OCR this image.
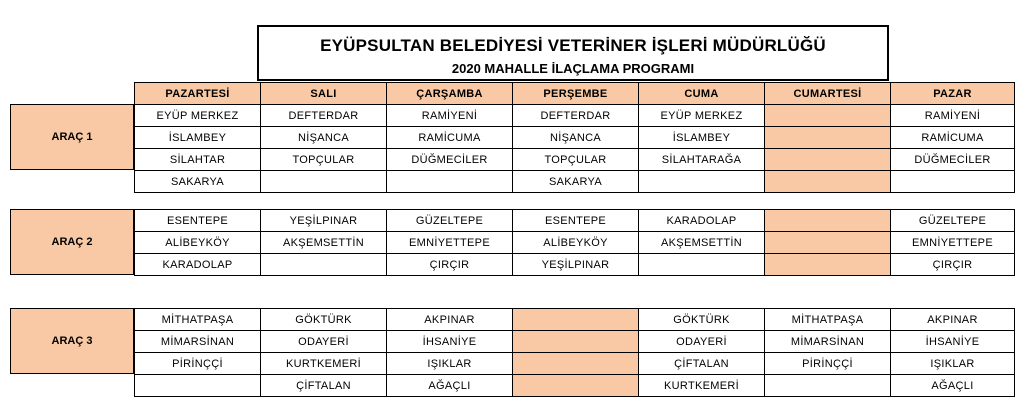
EYÜPSULTAN BELEDİYESİ VETERİNER İŞLERİ MÜDÜRLÜĞÜ
2020 MAHALLE İLAÇLAMA PROGRAMI
PAZARTESİ	SALI	ÇARŞAMBA	PERŞEMBE	CUMA	CUMARTESİ	PAZAR
ARAÇ 1
EYÜP MERKEZ	DEFTERDAR	RAMİYENİ	DEFTERDAR	EYÜP MERKEZ		RAMİYENİ
İSLAMBEY	NİŞANCA	RAMİCUMA	NİŞANCA	İSLAMBEY		RAMİCUMA
SİLAHTAR	TOPÇULAR	DÜĞMECİLER	TOPÇULAR	SİLAHTARAĞA		DÜĞMECİLER
SAKARYA			SAKARYA			
ARAÇ 2
ESENTEPE	YEŞİLPINAR	GÜZELTEPE	ESENTEPE	KARADOLAP		GÜZELTEPE
ALİBEYKÖY	AKŞEMSETTİN	EMNİYETTEPE	ALİBEYKÖY	AKŞEMSETTİN		EMNİYETTEPE
KARADOLAP		ÇIRÇIR	YEŞİLPINAR			ÇIRÇIR
ARAÇ 3
MİTHATPAŞA	GÖKTÜRK	AKPINAR		GÖKTÜRK	MİTHATPAŞA	AKPINAR
MİMARSİNAN	ODAYERİ	İHSANİYE		ODAYERİ	MİMARSİNAN	İHSANİYE
PİRİNÇÇİ	KURTKEMERİ	IŞIKLAR		ÇİFTALAN	PİRİNÇÇİ	IŞIKLAR
	ÇİFTALAN	AĞAÇLI		KURTKEMERİ		AĞAÇLI
